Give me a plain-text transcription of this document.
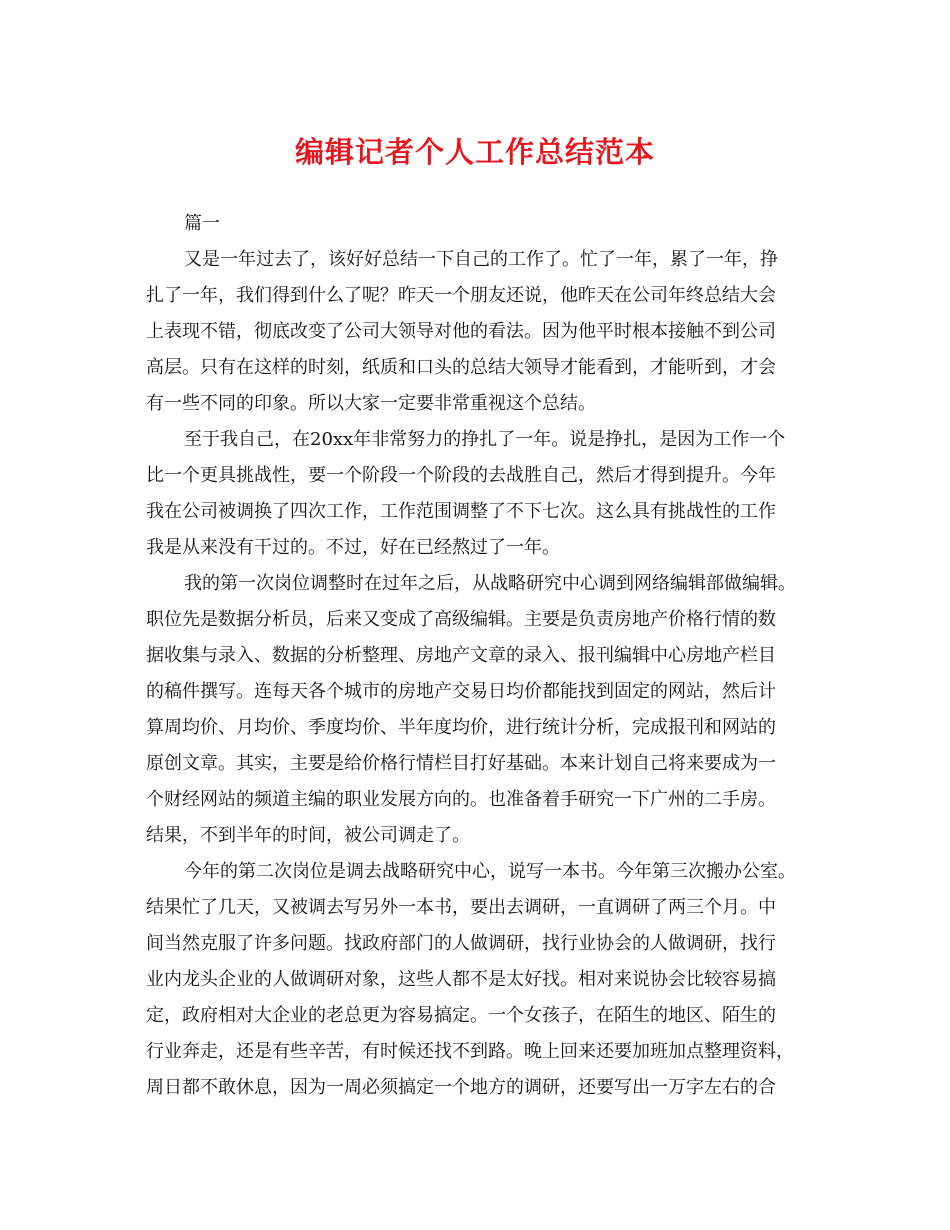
编辑记者个人工作总结范本
篇一
又是一年过去了，该好好总结一下自己的工作了。忙了一年，累了一年，挣
扎了一年，我们得到什么了呢？昨天一个朋友还说，他昨天在公司年终总结大会
上表现不错，彻底改变了公司大领导对他的看法。因为他平时根本接触不到公司
高层。只有在这样的时刻，纸质和口头的总结大领导才能看到，才能听到，才会
有一些不同的印象。所以大家一定要非常重视这个总结。
至于我自己，在20xx年非常努力的挣扎了一年。说是挣扎，是因为工作一个
比一个更具挑战性，要一个阶段一个阶段的去战胜自己，然后才得到提升。今年
我在公司被调换了四次工作，工作范围调整了不下七次。这么具有挑战性的工作
我是从来没有干过的。不过，好在已经熬过了一年。
我的第一次岗位调整时在过年之后，从战略研究中心调到网络编辑部做编辑。
职位先是数据分析员，后来又变成了高级编辑。主要是负责房地产价格行情的数
据收集与录入、数据的分析整理、房地产文章的录入、报刊编辑中心房地产栏目
的稿件撰写。连每天各个城市的房地产交易日均价都能找到固定的网站，然后计
算周均价、月均价、季度均价、半年度均价，进行统计分析，完成报刊和网站的
原创文章。其实，主要是给价格行情栏目打好基础。本来计划自己将来要成为一
个财经网站的频道主编的职业发展方向的。也准备着手研究一下广州的二手房。
结果，不到半年的时间，被公司调走了。
今年的第二次岗位是调去战略研究中心，说写一本书。今年第三次搬办公室。
结果忙了几天，又被调去写另外一本书，要出去调研，一直调研了两三个月。中
间当然克服了许多问题。找政府部门的人做调研，找行业协会的人做调研，找行
业内龙头企业的人做调研对象，这些人都不是太好找。相对来说协会比较容易搞
定，政府相对大企业的老总更为容易搞定。一个女孩子，在陌生的地区、陌生的
行业奔走，还是有些辛苦，有时候还找不到路。晚上回来还要加班加点整理资料，
周日都不敢休息，因为一周必须搞定一个地方的调研，还要写出一万字左右的合
